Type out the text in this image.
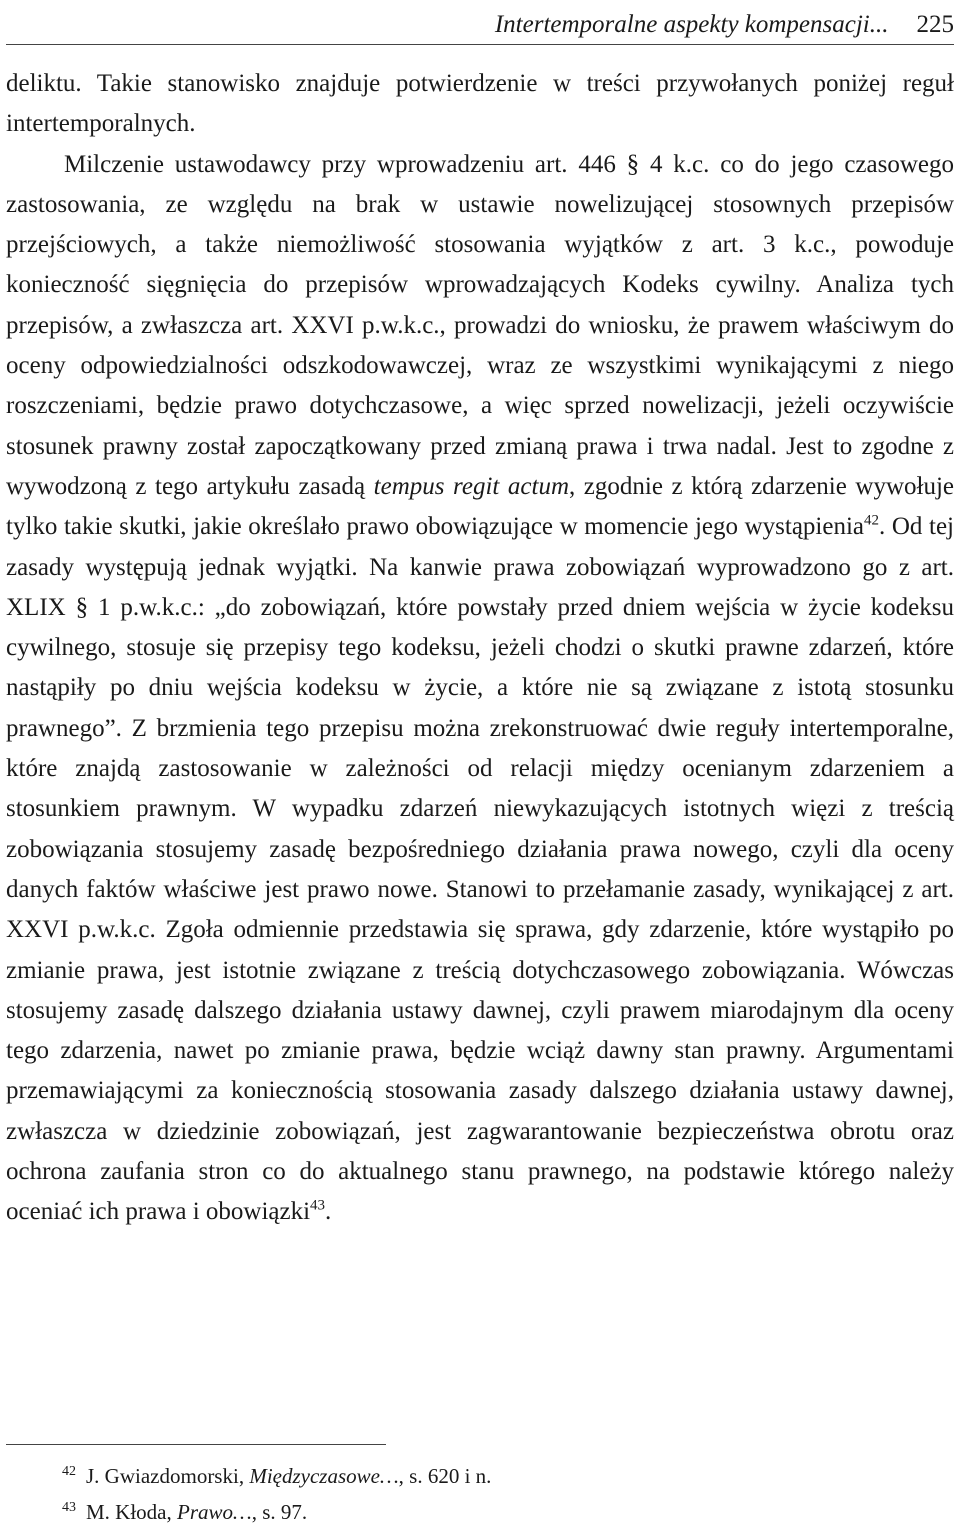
Intertemporalne aspekty kompensacji... 225

deliktu. Takie stanowisko znajduje potwierdzenie w treści przywołanych poniżej reguł intertemporalnych.

Milczenie ustawodawcy przy wprowadzeniu art. 446 § 4 k.c. co do jego czasowego zastosowania, ze względu na brak w ustawie nowelizującej stosownych przepisów przejściowych, a także niemożliwość stosowania wyjątków z art. 3 k.c., powoduje konieczność sięgnięcia do przepisów wprowadzających Kodeks cywilny. Analiza tych przepisów, a zwłaszcza art. XXVI p.w.k.c., prowadzi do wniosku, że prawem właściwym do oceny odpowiedzialności odszkodowawczej, wraz ze wszystkimi wynikającymi z niego roszczeniami, będzie prawo dotychczasowe, a więc sprzed nowelizacji, jeżeli oczywiście stosunek prawny został zapoczątkowany przed zmianą prawa i trwa nadal. Jest to zgodne z wywodzoną z tego artykułu zasadą tempus regit actum, zgodnie z którą zdarzenie wywołuje tylko takie skutki, jakie określało prawo obowiązujące w momencie jego wystąpienia$^{42}$. Od tej zasady występują jednak wyjątki. Na kanwie prawa zobowiązań wyprowadzono go z art. XLIX § 1 p.w.k.c.: „do zobowiązań, które powstały przed dniem wejścia w życie kodeksu cywilnego, stosuje się przepisy tego kodeksu, jeżeli chodzi o skutki prawne zdarzeń, które nastąpiły po dniu wejścia kodeksu w życie, a które nie są związane z istotą stosunku prawnego”. Z brzmienia tego przepisu można zrekonstruować dwie reguły intertemporalne, które znajdą zastosowanie w zależności od relacji między ocenianym zdarzeniem a stosunkiem prawnym. W wypadku zdarzeń niewykazujących istotnych więzi z treścią zobowiązania stosujemy zasadę bezpośredniego działania prawa nowego, czyli dla oceny danych faktów właściwe jest prawo nowe. Stanowi to przełamanie zasady, wynikającej z art. XXVI p.w.k.c. Zgoła odmiennie przedstawia się sprawa, gdy zdarzenie, które wystąpiło po zmianie prawa, jest istotnie związane z treścią dotychczasowego zobowiązania. Wówczas stosujemy zasadę dalszego działania ustawy dawnej, czyli prawem miarodajnym dla oceny tego zdarzenia, nawet po zmianie prawa, będzie wciąż dawny stan prawny. Argumentami przemawiającymi za koniecznością stosowania zasady dalszego działania ustawy dawnej, zwłaszcza w dziedzinie zobowiązań, jest zagwarantowanie bezpieczeństwa obrotu oraz ochrona zaufania stron co do aktualnego stanu prawnego, na podstawie którego należy oceniać ich prawa i obowiązki$^{43}$.

$^{42}$ J. Gwiazdomorski, Międzyczasowe…, s. 620 i n.
$^{43}$ M. Kłoda, Prawo…, s. 97.
